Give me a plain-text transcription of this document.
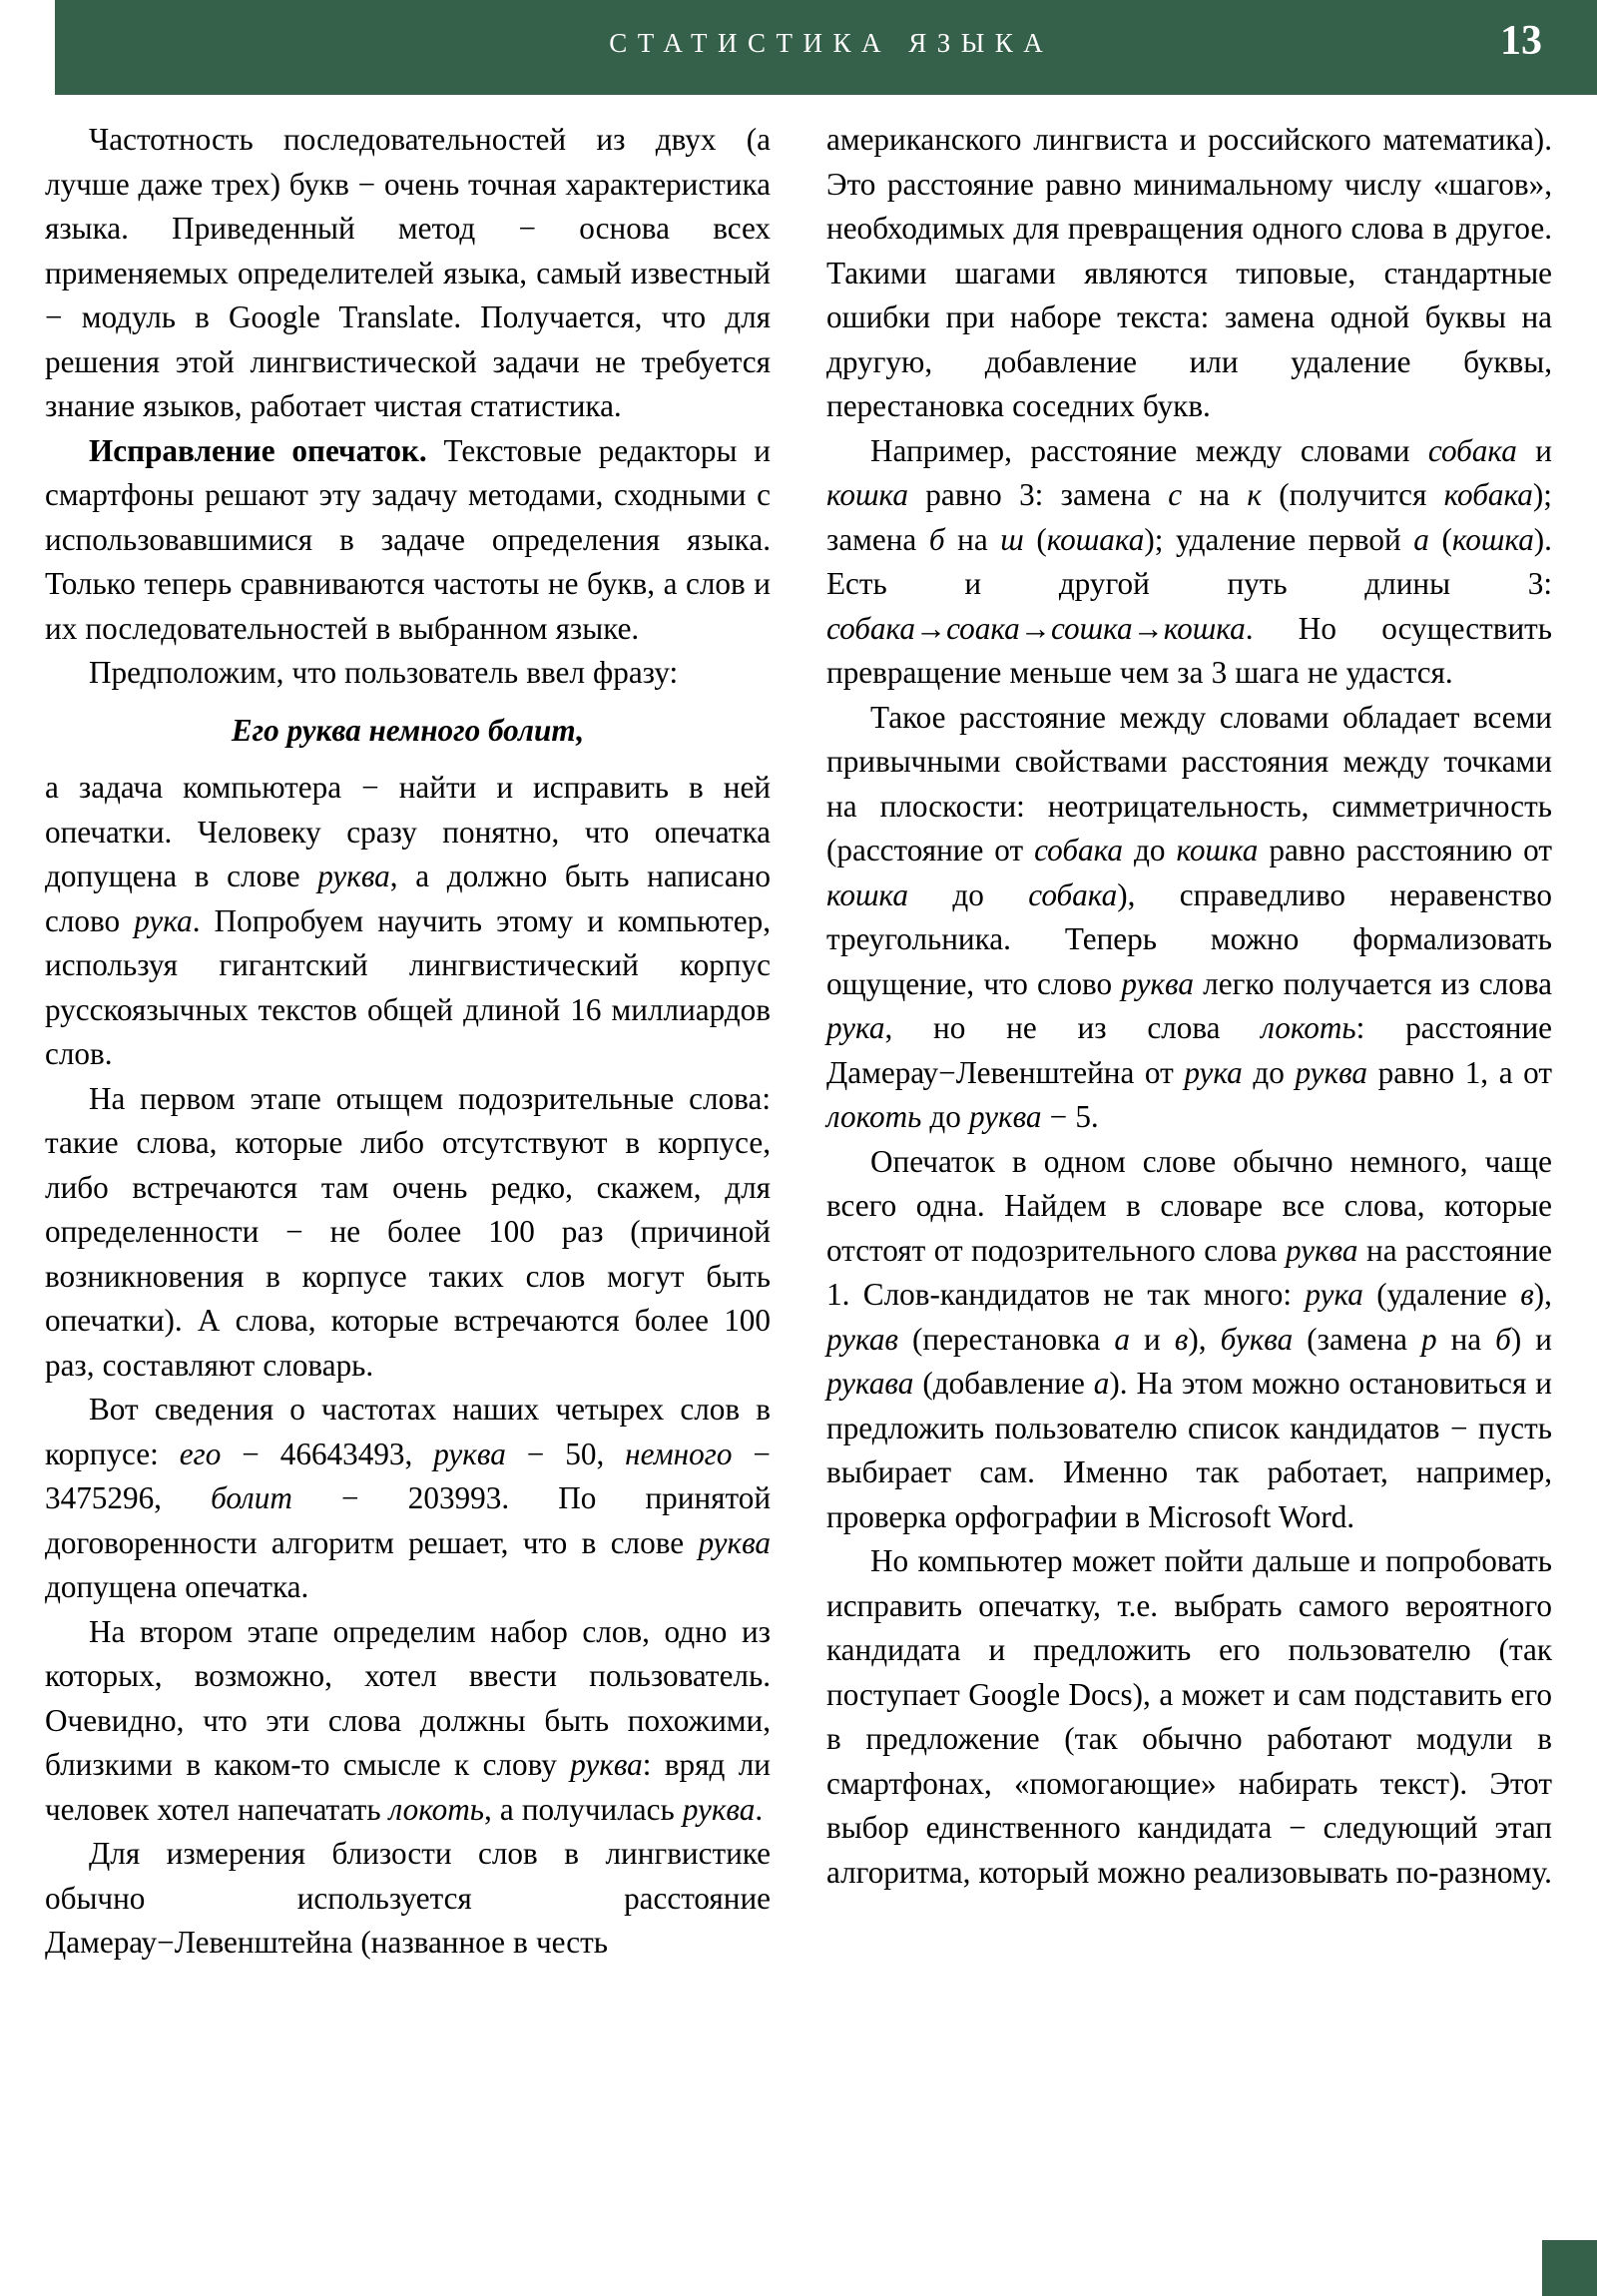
СТАТИСТИКА ЯЗЫКА	13

Частотность последовательностей из двух (а лучше даже трех) букв − очень точная характеристика языка. Приведенный метод − основа всех применяемых определителей языка, самый известный − модуль в Google Translate. Получается, что для решения этой лингвистической задачи не требуется знание языков, работает чистая статистика.

Исправление опечаток. Текстовые редакторы и смартфоны решают эту задачу методами, сходными с использовавшимися в задаче определения языка. Только теперь сравниваются частоты не букв, а слов и их последовательностей в выбранном языке.

Предположим, что пользователь ввел фразу:

Его руква немного болит,

а задача компьютера − найти и исправить в ней опечатки. Человеку сразу понятно, что опечатка допущена в слове руква, а должно быть написано слово рука. Попробуем научить этому и компьютер, используя гигантский лингвистический корпус русскоязычных текстов общей длиной 16 миллиардов слов.

На первом этапе отыщем подозрительные слова: такие слова, которые либо отсутствуют в корпусе, либо встречаются там очень редко, скажем, для определенности − не более 100 раз (причиной возникновения в корпусе таких слов могут быть опечатки). А слова, которые встречаются более 100 раз, составляют словарь.

Вот сведения о частотах наших четырех слов в корпусе: его − 46643493, руква − 50, немного − 3475296, болит − 203993. По принятой договоренности алгоритм решает, что в слове руква допущена опечатка.

На втором этапе определим набор слов, одно из которых, возможно, хотел ввести пользователь. Очевидно, что эти слова должны быть похожими, близкими в каком-то смысле к слову руква: вряд ли человек хотел напечатать локоть, а получилась руква.

Для измерения близости слов в лингвистике обычно используется расстояние Дамерау−Левенштейна (названное в честь

американского лингвиста и российского математика). Это расстояние равно минимальному числу «шагов», необходимых для превращения одного слова в другое. Такими шагами являются типовые, стандартные ошибки при наборе текста: замена одной буквы на другую, добавление или удаление буквы, перестановка соседних букв.

Например, расстояние между словами собака и кошка равно 3: замена с на к (получится кобака); замена б на ш (кошака); удаление первой а (кошка). Есть и другой путь длины 3: собака→соака→сошка→кошка. Но осуществить превращение меньше чем за 3 шага не удастся.

Такое расстояние между словами обладает всеми привычными свойствами расстояния между точками на плоскости: неотрицательность, симметричность (расстояние от собака до кошка равно расстоянию от кошка до собака), справедливо неравенство треугольника. Теперь можно формализовать ощущение, что слово руква легко получается из слова рука, но не из слова локоть: расстояние Дамерау−Левенштейна от рука до руква равно 1, а от локоть до руква − 5.

Опечаток в одном слове обычно немного, чаще всего одна. Найдем в словаре все слова, которые отстоят от подозрительного слова руква на расстояние 1. Слов-кандидатов не так много: рука (удаление в), рукав (перестановка а и в), буква (замена р на б) и рукава (добавление а). На этом можно остановиться и предложить пользователю список кандидатов − пусть выбирает сам. Именно так работает, например, проверка орфографии в Microsoft Word.

Но компьютер может пойти дальше и попробовать исправить опечатку, т.е. выбрать самого вероятного кандидата и предложить его пользователю (так поступает Google Docs), а может и сам подставить его в предложение (так обычно работают модули в смартфонах, «помогающие» набирать текст). Этот выбор единственного кандидата − следующий этап алгоритма, который можно реализовывать по-разному.
